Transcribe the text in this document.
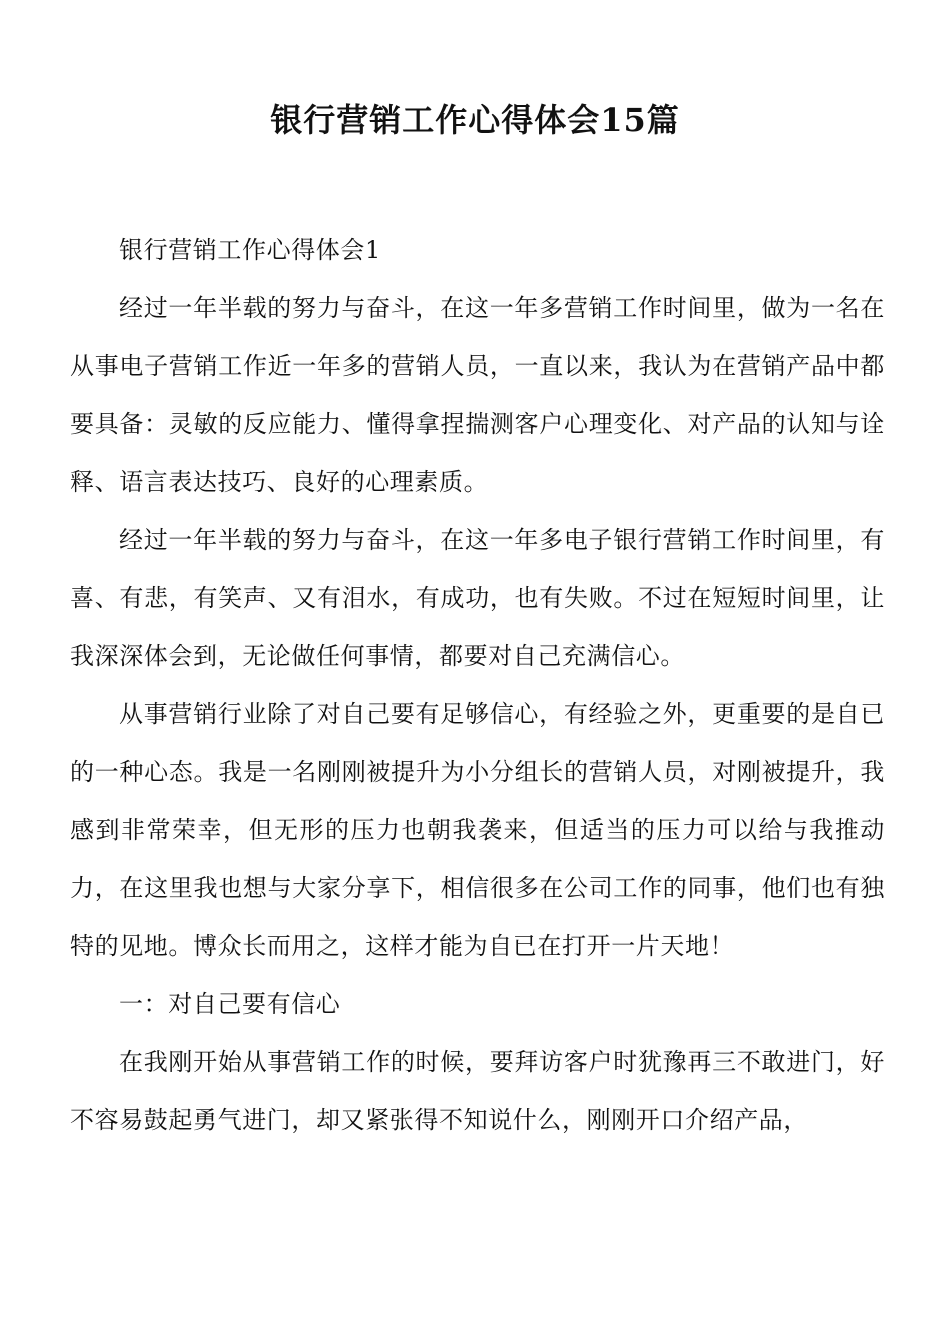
银行营销工作心得体会15篇

银行营销工作心得体会1

经过一年半载的努力与奋斗，在这一年多营销工作时间里，做为一名在从事电子营销工作近一年多的营销人员，一直以来，我认为在营销产品中都要具备：灵敏的反应能力、懂得拿捏揣测客户心理变化、对产品的认知与诠释、语言表达技巧、良好的心理素质。

经过一年半载的努力与奋斗，在这一年多电子银行营销工作时间里，有喜、有悲，有笑声、又有泪水，有成功，也有失败。不过在短短时间里，让我深深体会到，无论做任何事情，都要对自己充满信心。

从事营销行业除了对自己要有足够信心，有经验之外，更重要的是自已的一种心态。我是一名刚刚被提升为小分组长的营销人员，对刚被提升，我感到非常荣幸，但无形的压力也朝我袭来，但适当的压力可以给与我推动力，在这里我也想与大家分享下，相信很多在公司工作的同事，他们也有独特的见地。博众长而用之，这样才能为自已在打开一片天地！

一：对自己要有信心

在我刚开始从事营销工作的时候，要拜访客户时犹豫再三不敢进门，好不容易鼓起勇气进门，却又紧张得不知说什么，刚刚开口介绍产品，
